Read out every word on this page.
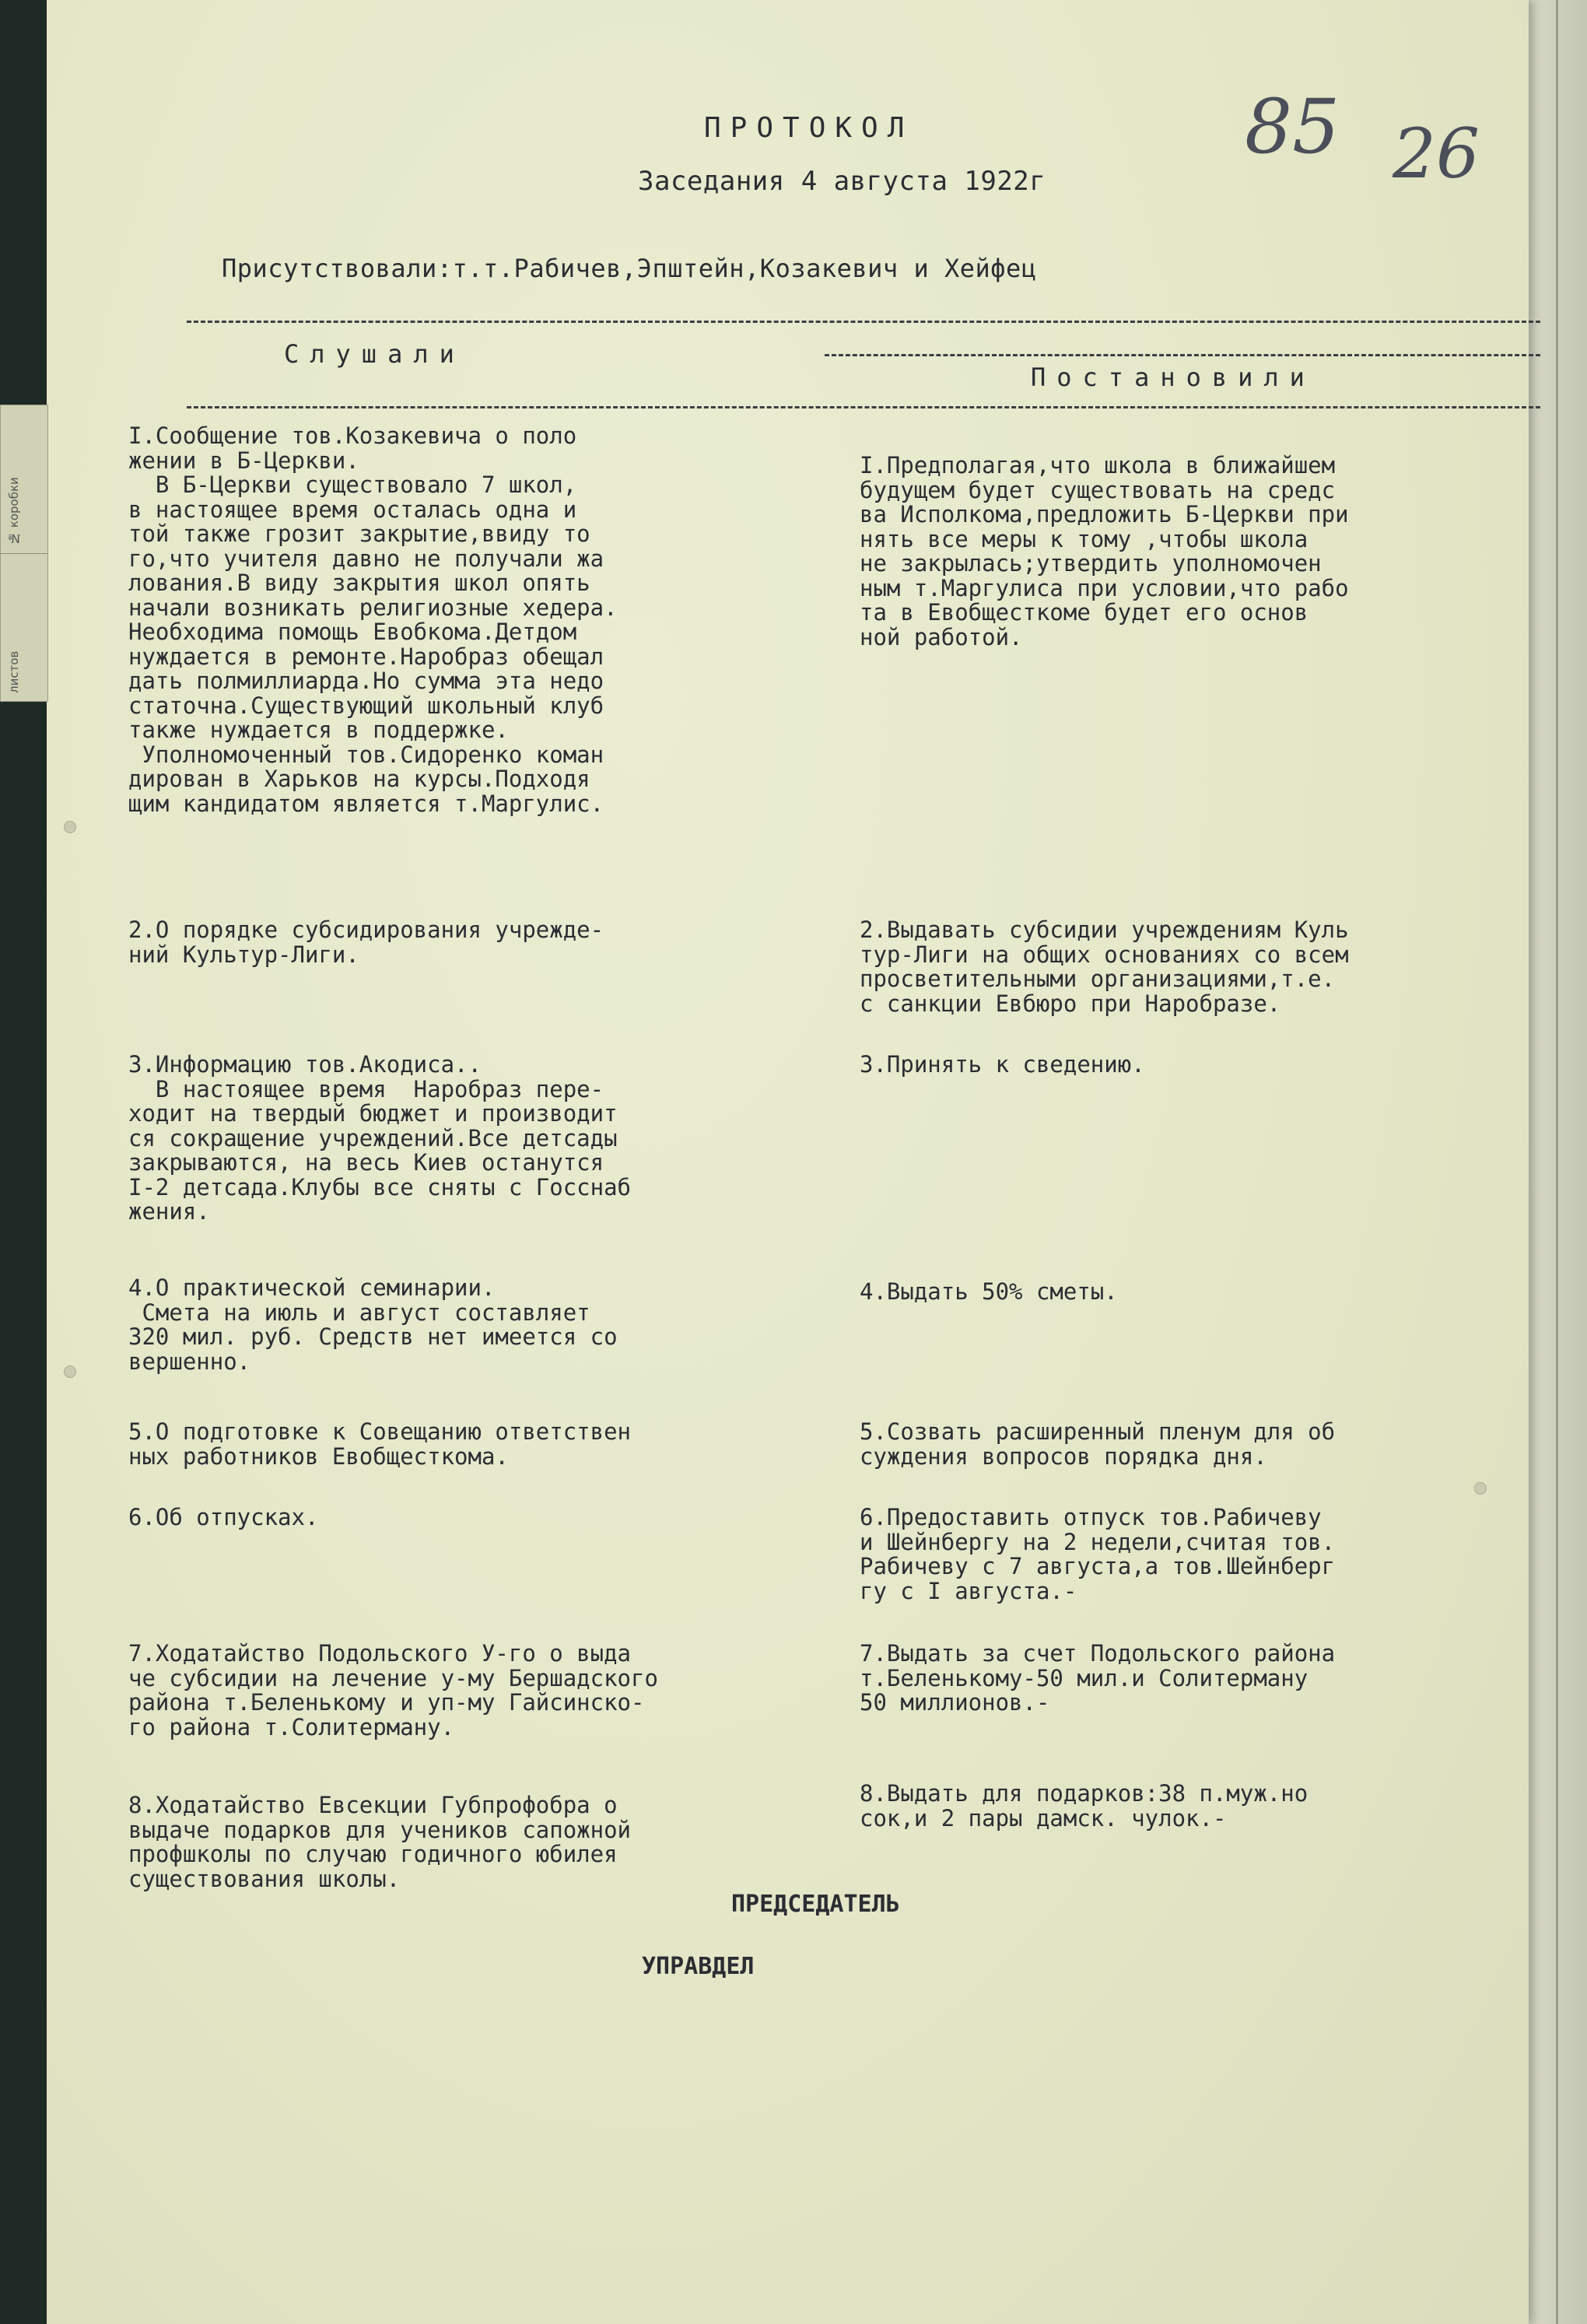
ПРОТОКОЛ
Заседания 4 августа 1922г
85 26
Присутствовали:т.т.Рабичев,Эпштейн,Козакевич и Хейфец
Слушали
Постановили
I.Сообщение тов.Козакевича о поло
жении в Б-Церкви.
В Б-Церкви существовало 7 школ,
в настоящее время осталась одна и
той также грозит закрытие,ввиду то
го,что учителя давно не получали жа
лования.В виду закрытия школ опять
начали возникать религиозные хедера.
Необходима помощь Евобкома.Детдом
нуждается в ремонте.Наробраз обещал
дать полмиллиарда.Но сумма эта недо
статочна.Существующий школьный клуб
также нуждается в поддержке.
Уполномоченный тов.Сидоренко коман
дирован в Харьков на курсы.Подходя
щим кандидатом является т.Маргулис.
I.Предполагая,что школа в ближайшем
будущем будет существовать на средс
ва Исполкома,предложить Б-Церкви при
нять все меры к тому ,чтобы школа
не закрылась;утвердить уполномочен
ным т.Маргулиса при условии,что рабо
та в Евобщесткоме будет его основ
ной работой.
2.О порядке субсидирования учрежде-
ний Культур-Лиги.
2.Выдавать субсидии учреждениям Куль
тур-Лиги на общих основаниях со всем
просветительными организациями,т.е.
с санкции Евбюро при Наробразе.
3.Информацию тов.Акодиса..
В настоящее время  Наробраз пере-
ходит на твердый бюджет и производит
ся сокращение учреждений.Все детсады
закрываются, на весь Киев останутся
I-2 детсада.Клубы все сняты с Госснаб
жения.
3.Принять к сведению.
4.О практической семинарии.
Смета на июль и август составляет
320 мил. руб. Средств нет имеется со
вершенно.
4.Выдать 50% сметы.
5.О подготовке к Совещанию ответствен
ных работников Евобщесткома.
5.Созвать расширенный пленум для об
суждения вопросов порядка дня.
6.Об отпусках.	6.Предоставить отпуск тов.Рабичеву
и Шейнбергу на 2 недели,считая тов.
Рабичеву с 7 августа,а тов.Шейнберг
гу с I августа.-
7.Ходатайство Подольского У-го о выда
че субсидии на лечение у-му Бершадского
района т.Беленькому и уп-му Гайсинско-
го района т.Солитерману.
7.Выдать за счет Подольского района
т.Беленькому-50 мил.и Солитерману
50 миллионов.-
8.Ходатайство Евсекции Губпрофобра о
выдаче подарков для учеников сапожной
профшколы по случаю годичного юбилея
существования школы.
8.Выдать для подарков:38 п.муж.но
сок,и 2 пары дамск. чулок.-
ПРЕДСЕДАТЕЛЬ
УПРАВДЕЛ
№ коробки
листов
